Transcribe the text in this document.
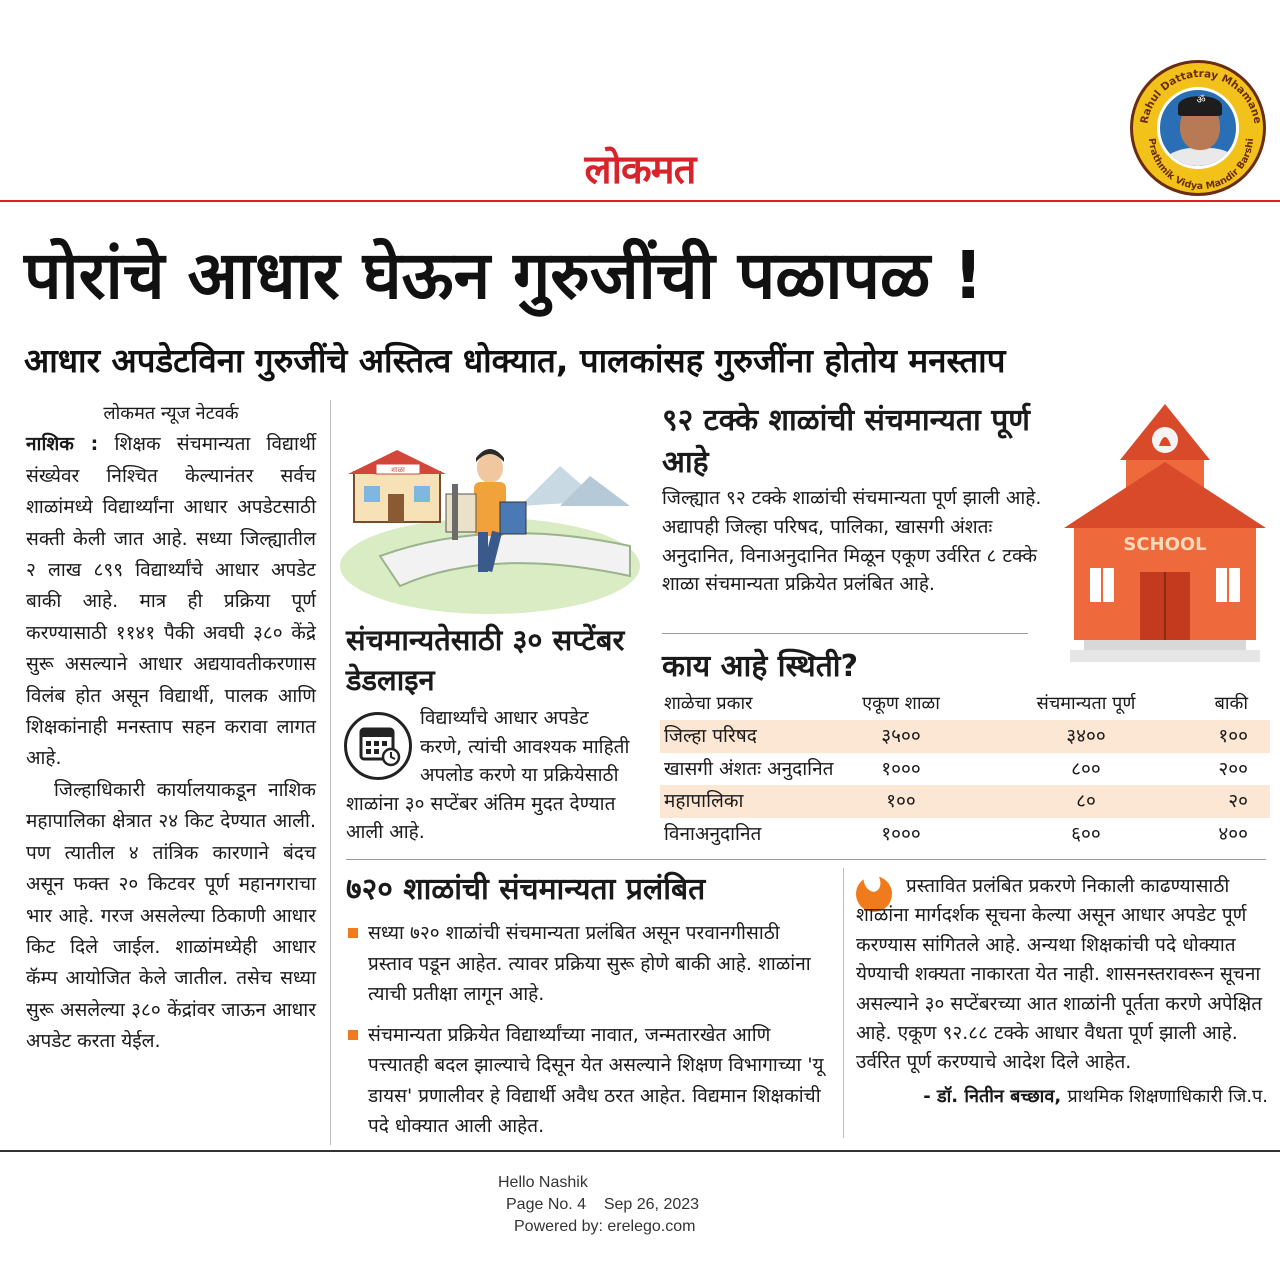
लोकमत
Rahul Dattatray Mhamane
Prathmik Vidya Mandir Barshi
ॐ
पोरांचे आधार घेऊन गुरुजींची पळापळ !
आधार अपडेटविना गुरुजींचे अस्तित्व धोक्यात, पालकांसह गुरुजींना होतोय मनस्ताप
लोकमत न्यूज नेटवर्क

नाशिक : शिक्षक संचमान्यता विद्यार्थी संख्येवर निश्चित केल्यानंतर सर्वच शाळांमध्ये विद्यार्थ्यांना आधार अपडेटसाठी सक्ती केली जात आहे. सध्या जिल्ह्यातील २ लाख ८९९ विद्यार्थ्यांचे आधार अपडेट बाकी आहे. मात्र ही प्रक्रिया पूर्ण करण्यासाठी ११४१ पैकी अवघी ३८० केंद्रे सुरू असल्याने आधार अद्ययावतीकरणास विलंब होत असून विद्यार्थी, पालक आणि शिक्षकांनाही मनस्ताप सहन करावा लागत आहे.

जिल्हाधिकारी कार्यालयाकडून नाशिक महापालिका क्षेत्रात २४ किट देण्यात आली. पण त्यातील ४ तांत्रिक कारणाने बंदच असून फक्त २० किटवर पूर्ण महानगराचा भार आहे. गरज असलेल्या ठिकाणी आधार किट दिले जाईल. शाळांमध्येही आधार कॅम्प आयोजित केले जातील. तसेच सध्या सुरू असलेल्या ३८० केंद्रांवर जाऊन आधार अपडेट करता येईल.

शाळा
संचमान्यतेसाठी ३० सप्टेंबर डेडलाइन
विद्यार्थ्यांचे आधार अपडेट करणे, त्यांची आवश्यक माहिती अपलोड करणे या प्रक्रियेसाठी शाळांना ३० सप्टेंबर अंतिम मुदत देण्यात आली आहे.
९२ टक्के शाळांची संचमान्यता पूर्ण आहे
जिल्ह्यात ९२ टक्के शाळांची संचमान्यता पूर्ण झाली आहे. अद्यापही जिल्हा परिषद, पालिका, खासगी अंशतः अनुदानित, विनाअनुदानित मिळून एकूण उर्वरित ८ टक्के शाळा संचमान्यता प्रक्रियेत प्रलंबित आहे.
SCHOOL
काय आहे स्थिती?
शाळेचा प्रकार	एकूण शाळा	संचमान्यता पूर्ण	बाकी
जिल्हा परिषद	३५००	३४००	१००
खासगी अंशतः अनुदानित	१०००	८००	२००
महापालिका	१००	८०	२०
विनाअनुदानित	१०००	६००	४००
७२० शाळांची संचमान्यता प्रलंबित
सध्या ७२० शाळांची संचमान्यता प्रलंबित असून परवानगीसाठी प्रस्ताव पडून आहेत. त्यावर प्रक्रिया सुरू होणे बाकी आहे. शाळांना त्याची प्रतीक्षा लागून आहे.
संचमान्यता प्रक्रियेत विद्यार्थ्यांच्या नावात, जन्मतारखेत आणि पत्त्यातही बदल झाल्याचे दिसून येत असल्याने शिक्षण विभागाच्या 'यू डायस' प्रणालीवर हे विद्यार्थी अवैध ठरत आहेत. विद्यमान शिक्षकांची पदे धोक्यात आली आहेत.
प्रस्तावित प्रलंबित प्रकरणे निकाली काढण्यासाठी शाळांना मार्गदर्शक सूचना केल्या असून आधार अपडेट पूर्ण करण्यास सांगितले आहे. अन्यथा शिक्षकांची पदे धोक्यात येण्याची शक्यता नाकारता येत नाही. शासनस्तरावरून सूचना असल्याने ३० सप्टेंबरच्या आत शाळांनी पूर्तता करणे अपेक्षित आहे. एकूण ९२.८८ टक्के आधार वैधता पूर्ण झाली आहे. उर्वरित पूर्ण करण्याचे आदेश दिले आहेत.
- डॉ. नितीन बच्छाव, प्राथमिक शिक्षणाधिकारी जि.प.
Hello Nashik
Page No. 4 Sep 26, 2023
Powered by: erelego.com
